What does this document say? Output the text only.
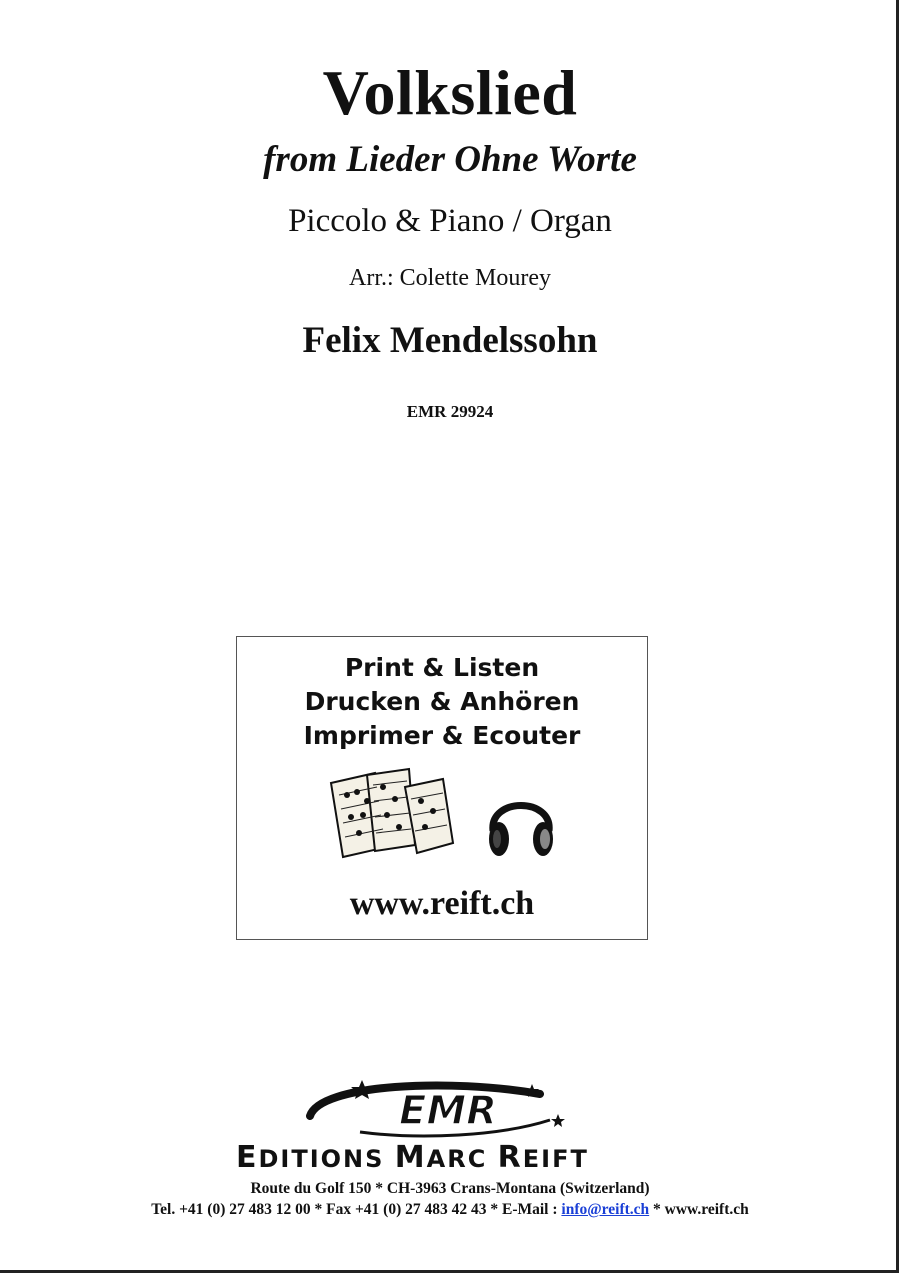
Volkslied
from Lieder Ohne Worte
Piccolo & Piano / Organ
Arr.: Colette Mourey
Felix Mendelssohn
EMR 29924
Print & Listen
Drucken & Anhören
Imprimer & Ecouter
www.reift.ch
EMR
EDITIONS MARC REIFT
Route du Golf 150 * CH-3963 Crans-Montana (Switzerland)
Tel. +41 (0) 27 483 12 00 * Fax +41 (0) 27 483 42 43 * E-Mail : info@reift.ch * www.reift.ch
